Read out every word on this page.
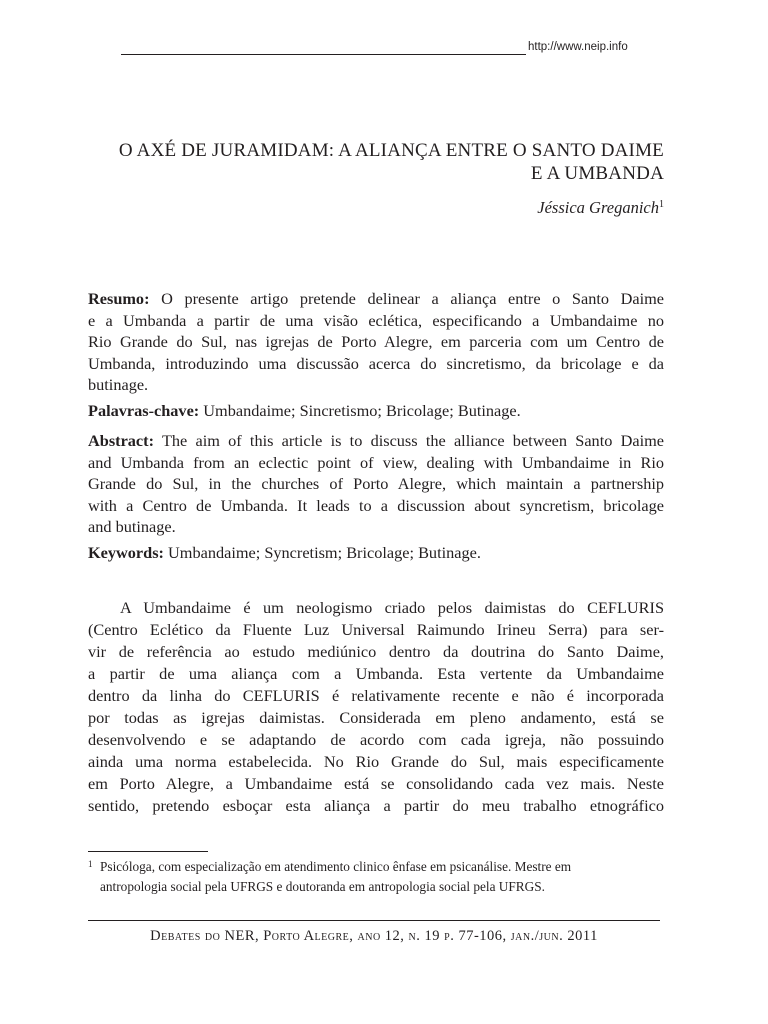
http://www.neip.info
O AXÉ DE JURAMIDAM: A ALIANÇA ENTRE O SANTO DAIME
E A UMBANDA
Jéssica Greganich$^1$
Resumo: O presente artigo pretende delinear a aliança entre o Santo Daime
e a Umbanda a partir de uma visão eclética, especificando a Umbandaime no
Rio Grande do Sul, nas igrejas de Porto Alegre, em parceria com um Centro de
Umbanda, introduzindo uma discussão acerca do sincretismo, da bricolage e da
butinage.
Palavras-chave: Umbandaime; Sincretismo; Bricolage; Butinage.
Abstract: The aim of this article is to discuss the alliance between Santo Daime
and Umbanda from an eclectic point of view, dealing with Umbandaime in Rio
Grande do Sul, in the churches of Porto Alegre, which maintain a partnership
with a Centro de Umbanda. It leads to a discussion about syncretism, bricolage
and butinage.
Keywords: Umbandaime; Syncretism; Bricolage; Butinage.
A Umbandaime é um neologismo criado pelos daimistas do CEFLURIS
(Centro Eclético da Fluente Luz Universal Raimundo Irineu Serra) para ser-
vir de referência ao estudo mediúnico dentro da doutrina do Santo Daime,
a partir de uma aliança com a Umbanda. Esta vertente da Umbandaime
dentro da linha do CEFLURIS é relativamente recente e não é incorporada
por todas as igrejas daimistas. Considerada em pleno andamento, está se
desenvolvendo e se adaptando de acordo com cada igreja, não possuindo
ainda uma norma estabelecida. No Rio Grande do Sul, mais especificamente
em Porto Alegre, a Umbandaime está se consolidando cada vez mais. Neste
sentido, pretendo esboçar esta aliança a partir do meu trabalho etnográfico
1 Psicóloga, com especialização em atendimento clinico ênfase em psicanálise. Mestre em
antropologia social pela UFRGS e doutoranda em antropologia social pela UFRGS.
Debates do NER, Porto Alegre, ano 12, n. 19 p. 77-106, jan./jun. 2011
